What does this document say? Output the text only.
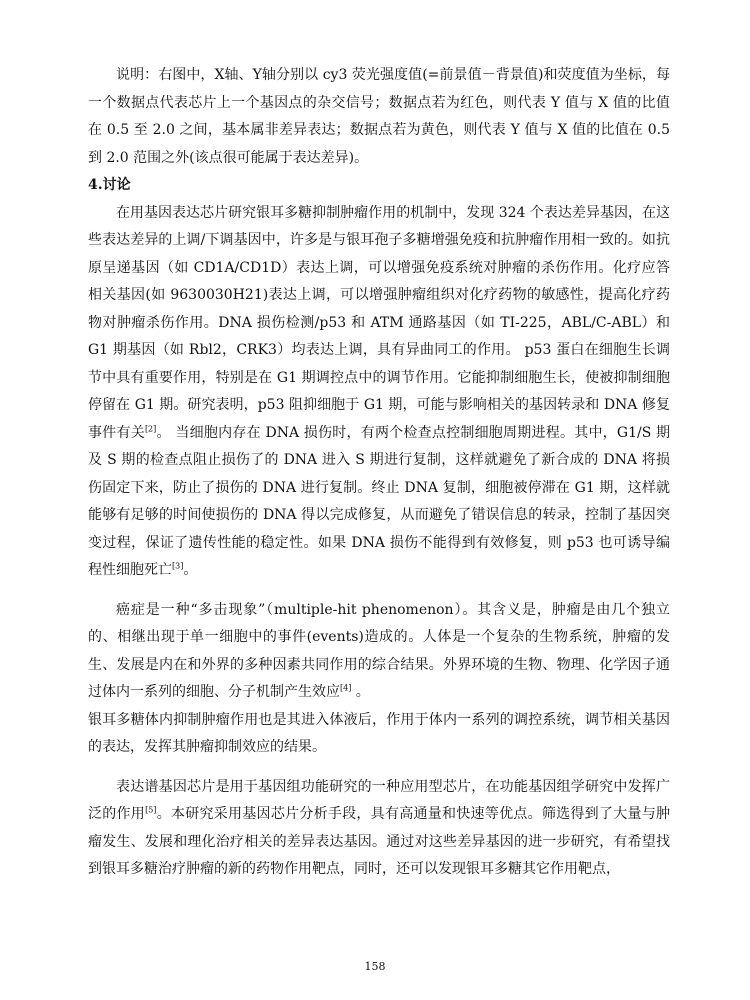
说明：右图中，X轴、Y轴分别以 cy3 荧光强度值(=前景值－背景值)和荧度值为坐标，每一个数据点代表芯片上一个基因点的杂交信号；数据点若为红色，则代表 Y 值与 X 值的比值在 0.5 至 2.0 之间，基本属非差异表达；数据点若为黄色，则代表 Y 值与 X 值的比值在 0.5 到 2.0 范围之外(该点很可能属于表达差异)。

4.讨论

在用基因表达芯片研究银耳多糖抑制肿瘤作用的机制中，发现 324 个表达差异基因，在这些表达差异的上调/下调基因中，许多是与银耳孢子多糖增强免疫和抗肿瘤作用相一致的。如抗原呈递基因（如 CD1A/CD1D）表达上调，可以增强免疫系统对肿瘤的杀伤作用。化疗应答相关基因(如 9630030H21)表达上调，可以增强肿瘤组织对化疗药物的敏感性，提高化疗药物对肿瘤杀伤作用。DNA 损伤检测/p53 和 ATM 通路基因（如 TI-225，ABL/C-ABL）和 G1 期基因（如 Rbl2，CRK3）均表达上调，具有异曲同工的作用。 p53 蛋白在细胞生长调节中具有重要作用，特别是在 G1 期调控点中的调节作用。它能抑制细胞生长，使被抑制细胞停留在 G1 期。研究表明，p53 阻抑细胞于 G1 期，可能与影响相关的基因转录和 DNA 修复事件有关[2]。 当细胞内存在 DNA 损伤时，有两个检查点控制细胞周期进程。其中，G1/S 期及 S 期的检查点阻止损伤了的 DNA 进入 S 期进行复制，这样就避免了新合成的 DNA 将损伤固定下来，防止了损伤的 DNA 进行复制。终止 DNA 复制，细胞被停滞在 G1 期，这样就能够有足够的时间使损伤的 DNA 得以完成修复，从而避免了错误信息的转录，控制了基因突变过程，保证了遗传性能的稳定性。如果 DNA 损伤不能得到有效修复，则 p53 也可诱导编程性细胞死亡[3]。

癌症是一种“多击现象”（multiple-hit phenomenon）。其含义是，肿瘤是由几个独立的、相继出现于单一细胞中的事件(events)造成的。人体是一个复杂的生物系统，肿瘤的发生、发展是内在和外界的多种因素共同作用的综合结果。外界环境的生物、物理、化学因子通过体内一系列的细胞、分子机制产生效应[4] 。

银耳多糖体内抑制肿瘤作用也是其进入体液后，作用于体内一系列的调控系统，调节相关基因的表达，发挥其肿瘤抑制效应的结果。

表达谱基因芯片是用于基因组功能研究的一种应用型芯片，在功能基因组学研究中发挥广泛的作用[5]。本研究采用基因芯片分析手段，具有高通量和快速等优点。筛选得到了大量与肿瘤发生、发展和理化治疗相关的差异表达基因。通过对这些差异基因的进一步研究，有希望找到银耳多糖治疗肿瘤的新的药物作用靶点，同时，还可以发现银耳多糖其它作用靶点，

158
